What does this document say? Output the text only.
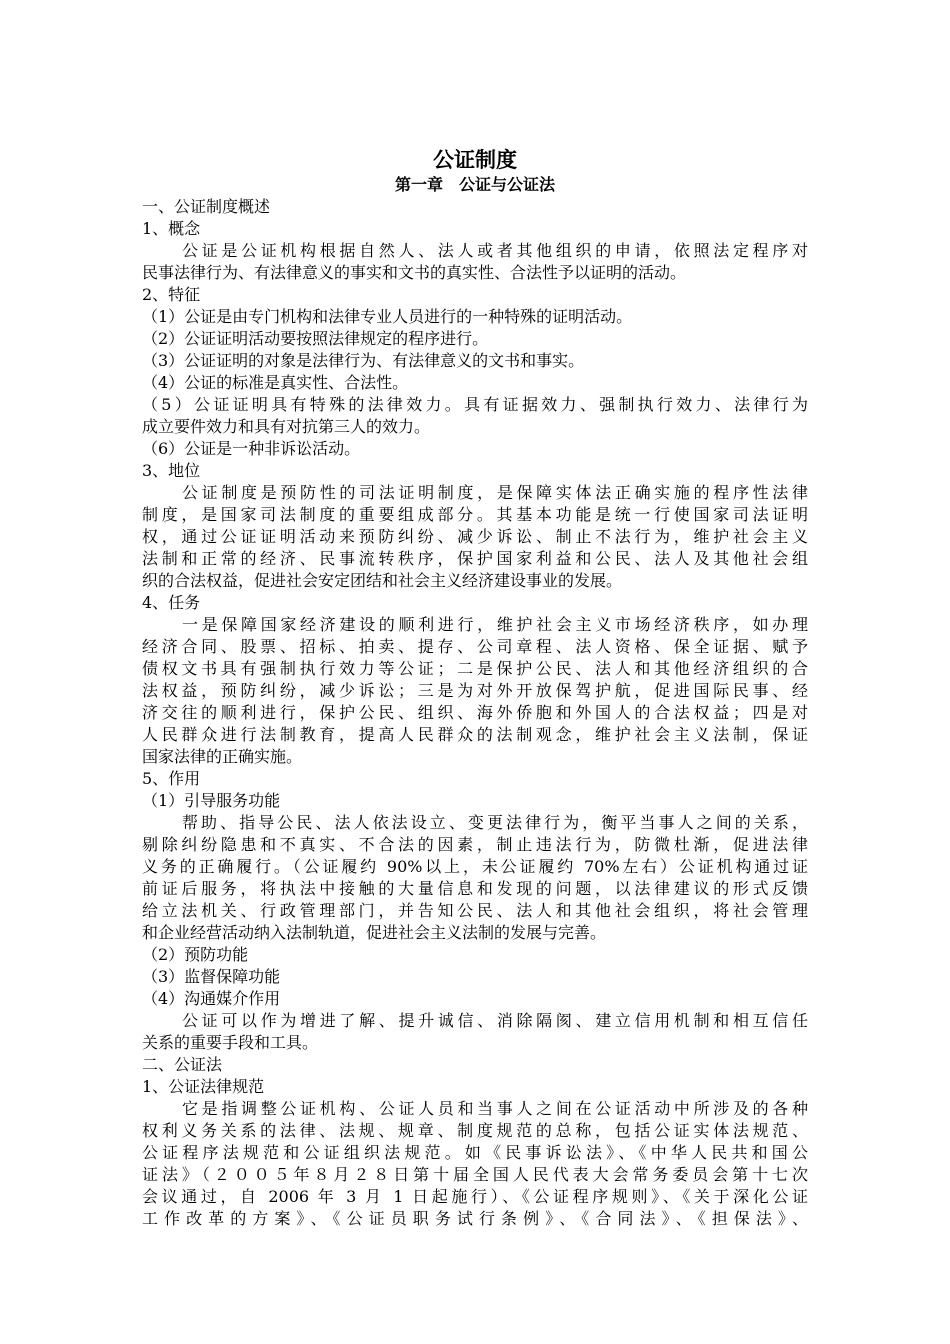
公证制度
第一章　公证与公证法
一、公证制度概述
1、概念
公证是公证机构根据自然人、法人或者其他组织的申请，依照法定程序对
民事法律行为、有法律意义的事实和文书的真实性、合法性予以证明的活动。
2、特征
（1）公证是由专门机构和法律专业人员进行的一种特殊的证明活动。
（2）公证证明活动要按照法律规定的程序进行。
（3）公证证明的对象是法律行为、有法律意义的文书和事实。
（4）公证的标准是真实性、合法性。
（5）公证证明具有特殊的法律效力。具有证据效力、强制执行效力、法律行为
成立要件效力和具有对抗第三人的效力。
（6）公证是一种非诉讼活动。
3、地位
公证制度是预防性的司法证明制度，是保障实体法正确实施的程序性法律
制度，是国家司法制度的重要组成部分。其基本功能是统一行使国家司法证明
权，通过公证证明活动来预防纠纷、减少诉讼、制止不法行为，维护社会主义
法制和正常的经济、民事流转秩序，保护国家利益和公民、法人及其他社会组
织的合法权益，促进社会安定团结和社会主义经济建设事业的发展。
4、任务
一是保障国家经济建设的顺利进行，维护社会主义市场经济秩序，如办理
经济合同、股票、招标、拍卖、提存、公司章程、法人资格、保全证据、赋予
债权文书具有强制执行效力等公证；二是保护公民、法人和其他经济组织的合
法权益，预防纠纷，减少诉讼；三是为对外开放保驾护航，促进国际民事、经
济交往的顺利进行，保护公民、组织、海外侨胞和外国人的合法权益；四是对
人民群众进行法制教育，提高人民群众的法制观念，维护社会主义法制，保证
国家法律的正确实施。
5、作用
（1）引导服务功能
帮助、指导公民、法人依法设立、变更法律行为，衡平当事人之间的关系，
剔除纠纷隐患和不真实、不合法的因素，制止违法行为，防微杜渐，促进法律
义务的正确履行。（公证履约 90%以上，未公证履约 70%左右）公证机构通过证
前证后服务，将执法中接触的大量信息和发现的问题，以法律建议的形式反馈
给立法机关、行政管理部门，并告知公民、法人和其他社会组织，将社会管理
和企业经营活动纳入法制轨道，促进社会主义法制的发展与完善。
（2）预防功能
（3）监督保障功能
（4）沟通媒介作用
公证可以作为增进了解、提升诚信、消除隔阂、建立信用机制和相互信任
关系的重要手段和工具。
二、公证法
1、公证法律规范
它是指调整公证机构、公证人员和当事人之间在公证活动中所涉及的各种
权利义务关系的法律、法规、规章、制度规范的总称，包括公证实体法规范、
公证程序法规范和公证组织法规范。如《民事诉讼法》、《中华人民共和国公
证法》（２００５年８月２８日第十届全国人民代表大会常务委员会第十七次
会议通过，自 2006 年 3 月 1 日起施行）、《公证程序规则》、《关于深化公证
工作改革的方案》、《公证员职务试行条例》、《合同法》、《担保法》、
